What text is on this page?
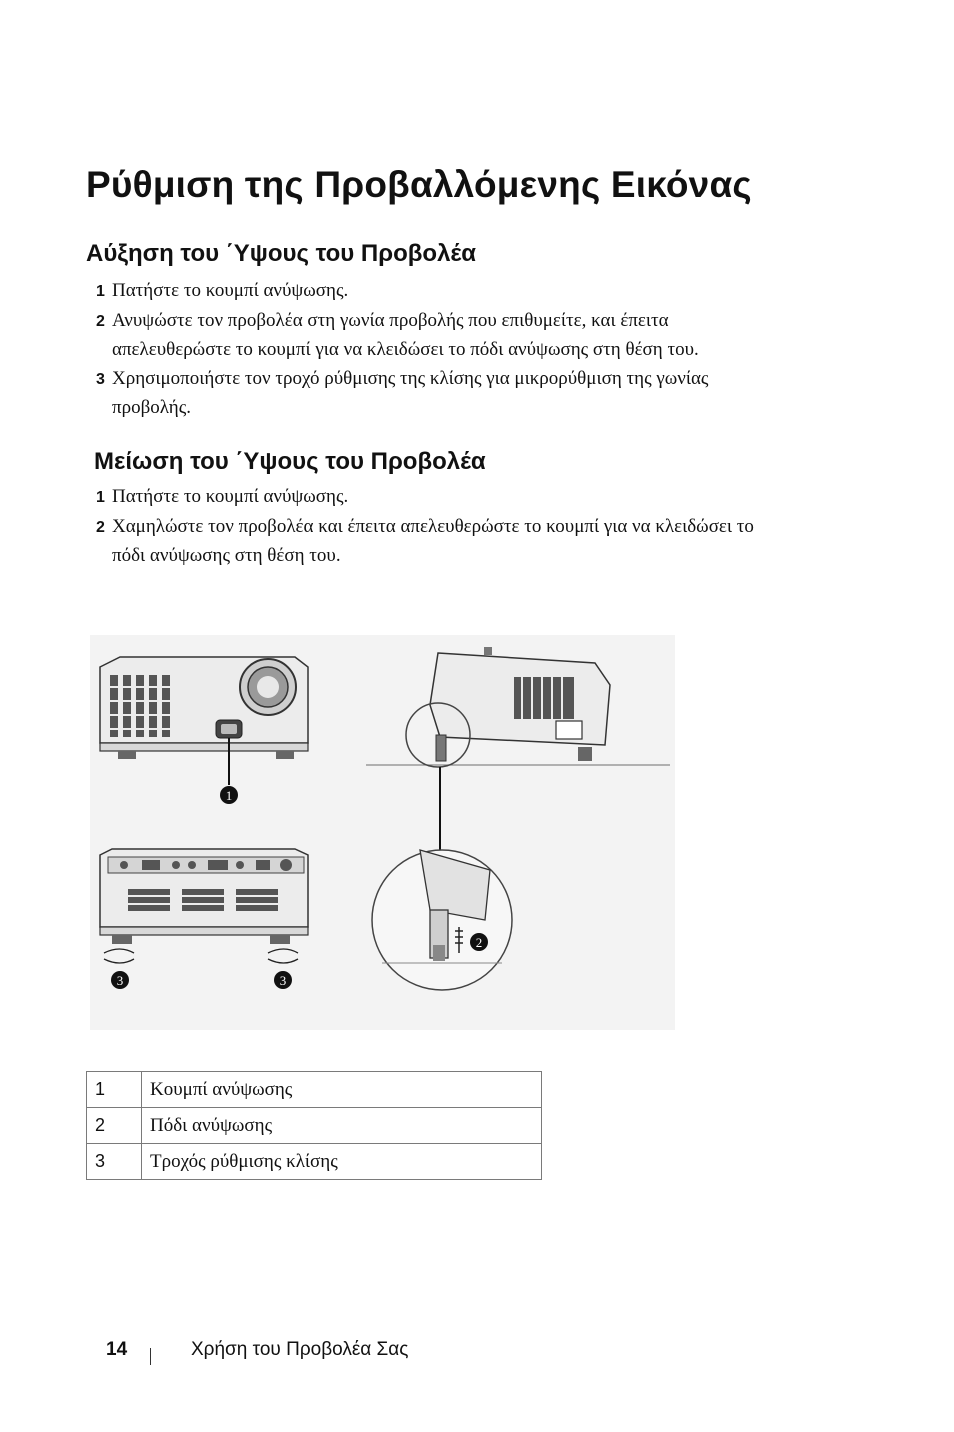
Ρύθμιση της Προβαλλόμενης Εικόνας
Αύξηση του ΄Υψους του Προβολέα
1 Πατήστε το κουμπί ανύψωσης.
2 Ανυψώστε τον προβολέα στη γωνία προβολής που επιθυμείτε, και έπειτα
απελευθερώστε το κουμπί για να κλειδώσει το πόδι ανύψωσης στη θέση του.
3 Χρησιμοποιήστε τον τροχό ρύθμισης της κλίσης για μικρορύθμιση της γωνίας
προβολής.
Μείωση του ΄Υψους του Προβολέα
1 Πατήστε το κουμπί ανύψωσης.
2 Χαμηλώστε τον προβολέα και έπειτα απελευθερώστε το κουμπί για να κλειδώσει το
πόδι ανύψωσης στη θέση του.
1
3	3
2
1	Κουμπί ανύψωσης
2	Πόδι ανύψωσης
3	Τροχός ρύθμισης κλίσης
14	Χρήση του Προβολέα Σας
